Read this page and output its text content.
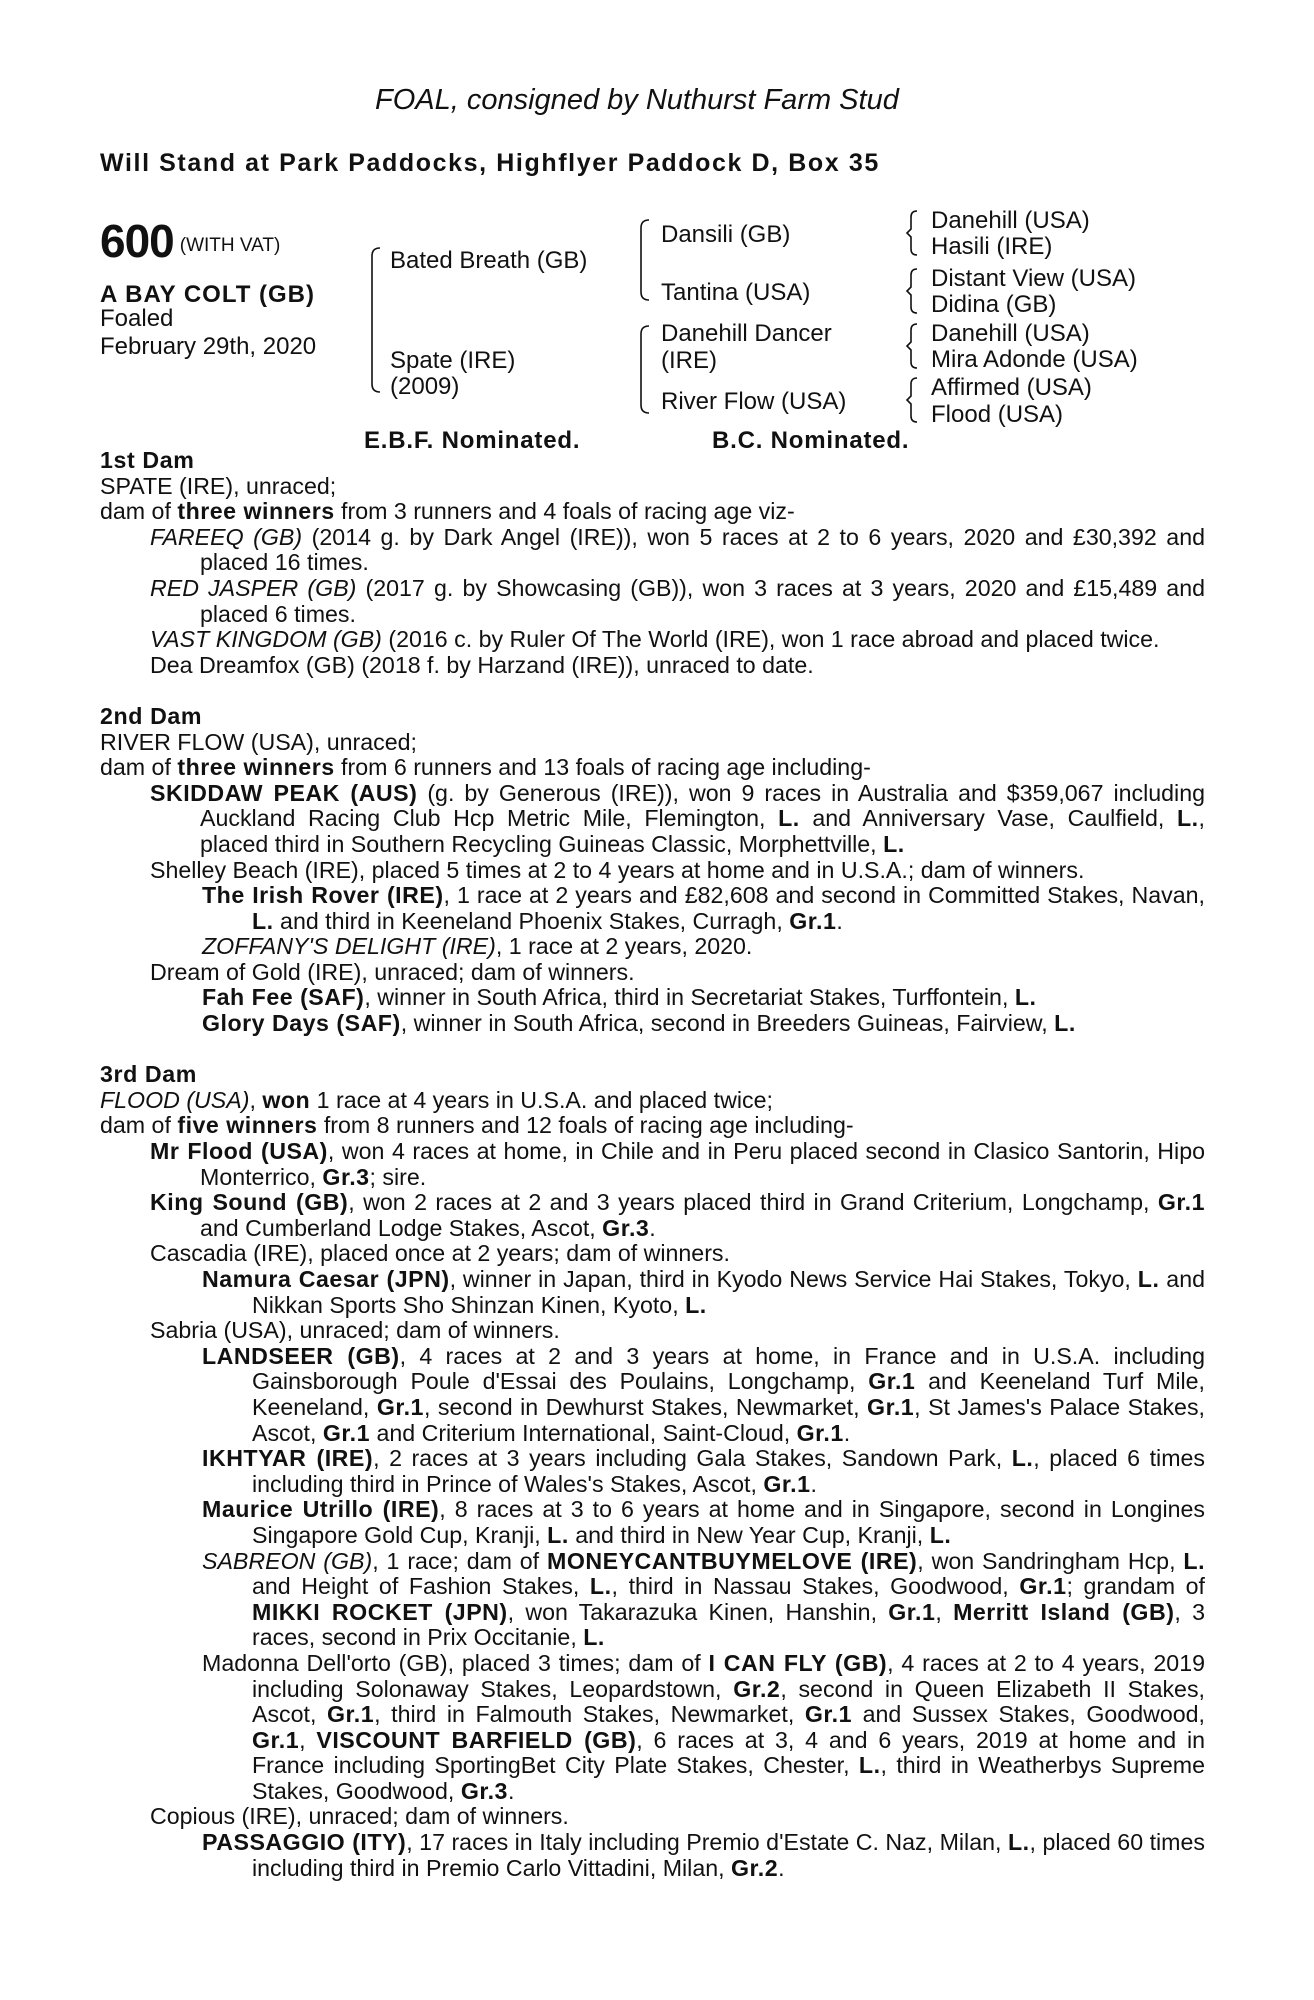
FOAL, consigned by Nuthurst Farm Stud
Will Stand at Park Paddocks, Highflyer Paddock D, Box 35
600 (WITH VAT)
A BAY COLT (GB)
Foaled
February 29th, 2020
Bated Breath (GB)
Spate (IRE)
(2009)
Dansili (GB)
Tantina (USA)
Danehill Dancer
(IRE)
River Flow (USA)
Danehill (USA)
Hasili (IRE)
Distant View (USA)
Didina (GB)
Danehill (USA)
Mira Adonde (USA)
Affirmed (USA)
Flood (USA)
E.B.F. Nominated.	B.C. Nominated.

1st Dam

SPATE (IRE), unraced;

dam of three winners from 3 runners and 4 foals of racing age viz-

FAREEQ (GB) (2014 g. by Dark Angel (IRE)), won 5 races at 2 to 6 years, 2020 and £30,392 and placed 16 times.

RED JASPER (GB) (2017 g. by Showcasing (GB)), won 3 races at 3 years, 2020 and £15,489 and placed 6 times.

VAST KINGDOM (GB) (2016 c. by Ruler Of The World (IRE), won 1 race abroad and placed twice.

Dea Dreamfox (GB) (2018 f. by Harzand (IRE)), unraced to date.

2nd Dam

RIVER FLOW (USA), unraced;

dam of three winners from 6 runners and 13 foals of racing age including-

SKIDDAW PEAK (AUS) (g. by Generous (IRE)), won 9 races in Australia and $359,067 including Auckland Racing Club Hcp Metric Mile, Flemington, L. and Anniversary Vase, Caulfield, L., placed third in Southern Recycling Guineas Classic, Morphettville, L.

Shelley Beach (IRE), placed 5 times at 2 to 4 years at home and in U.S.A.; dam of winners.

The Irish Rover (IRE), 1 race at 2 years and £82,608 and second in Committed Stakes, Navan, L. and third in Keeneland Phoenix Stakes, Curragh, Gr.1.

ZOFFANY'S DELIGHT (IRE), 1 race at 2 years, 2020.

Dream of Gold (IRE), unraced; dam of winners.

Fah Fee (SAF), winner in South Africa, third in Secretariat Stakes, Turffontein, L.

Glory Days (SAF), winner in South Africa, second in Breeders Guineas, Fairview, L.

3rd Dam

FLOOD (USA), won 1 race at 4 years in U.S.A. and placed twice;

dam of five winners from 8 runners and 12 foals of racing age including-

Mr Flood (USA), won 4 races at home, in Chile and in Peru placed second in Clasico Santorin, Hipo Monterrico, Gr.3; sire.

King Sound (GB), won 2 races at 2 and 3 years placed third in Grand Criterium, Longchamp, Gr.1 and Cumberland Lodge Stakes, Ascot, Gr.3.

Cascadia (IRE), placed once at 2 years; dam of winners.

Namura Caesar (JPN), winner in Japan, third in Kyodo News Service Hai Stakes, Tokyo, L. and Nikkan Sports Sho Shinzan Kinen, Kyoto, L.

Sabria (USA), unraced; dam of winners.

LANDSEER (GB), 4 races at 2 and 3 years at home, in France and in U.S.A. including Gainsborough Poule d'Essai des Poulains, Longchamp, Gr.1 and Keeneland Turf Mile, Keeneland, Gr.1, second in Dewhurst Stakes, Newmarket, Gr.1, St James's Palace Stakes, Ascot, Gr.1 and Criterium International, Saint-Cloud, Gr.1.

IKHTYAR (IRE), 2 races at 3 years including Gala Stakes, Sandown Park, L., placed 6 times including third in Prince of Wales's Stakes, Ascot, Gr.1.

Maurice Utrillo (IRE), 8 races at 3 to 6 years at home and in Singapore, second in Longines Singapore Gold Cup, Kranji, L. and third in New Year Cup, Kranji, L.

SABREON (GB), 1 race; dam of MONEYCANTBUYMELOVE (IRE), won Sandringham Hcp, L. and Height of Fashion Stakes, L., third in Nassau Stakes, Goodwood, Gr.1; grandam of MIKKI ROCKET (JPN), won Takarazuka Kinen, Hanshin, Gr.1, Merritt Island (GB), 3 races, second in Prix Occitanie, L.

Madonna Dell'orto (GB), placed 3 times; dam of I CAN FLY (GB), 4 races at 2 to 4 years, 2019 including Solonaway Stakes, Leopardstown, Gr.2, second in Queen Elizabeth II Stakes, Ascot, Gr.1, third in Falmouth Stakes, Newmarket, Gr.1 and Sussex Stakes, Goodwood, Gr.1, VISCOUNT BARFIELD (GB), 6 races at 3, 4 and 6 years, 2019 at home and in France including SportingBet City Plate Stakes, Chester, L., third in Weatherbys Supreme Stakes, Goodwood, Gr.3.

Copious (IRE), unraced; dam of winners.

PASSAGGIO (ITY), 17 races in Italy including Premio d'Estate C. Naz, Milan, L., placed 60 times including third in Premio Carlo Vittadini, Milan, Gr.2.
